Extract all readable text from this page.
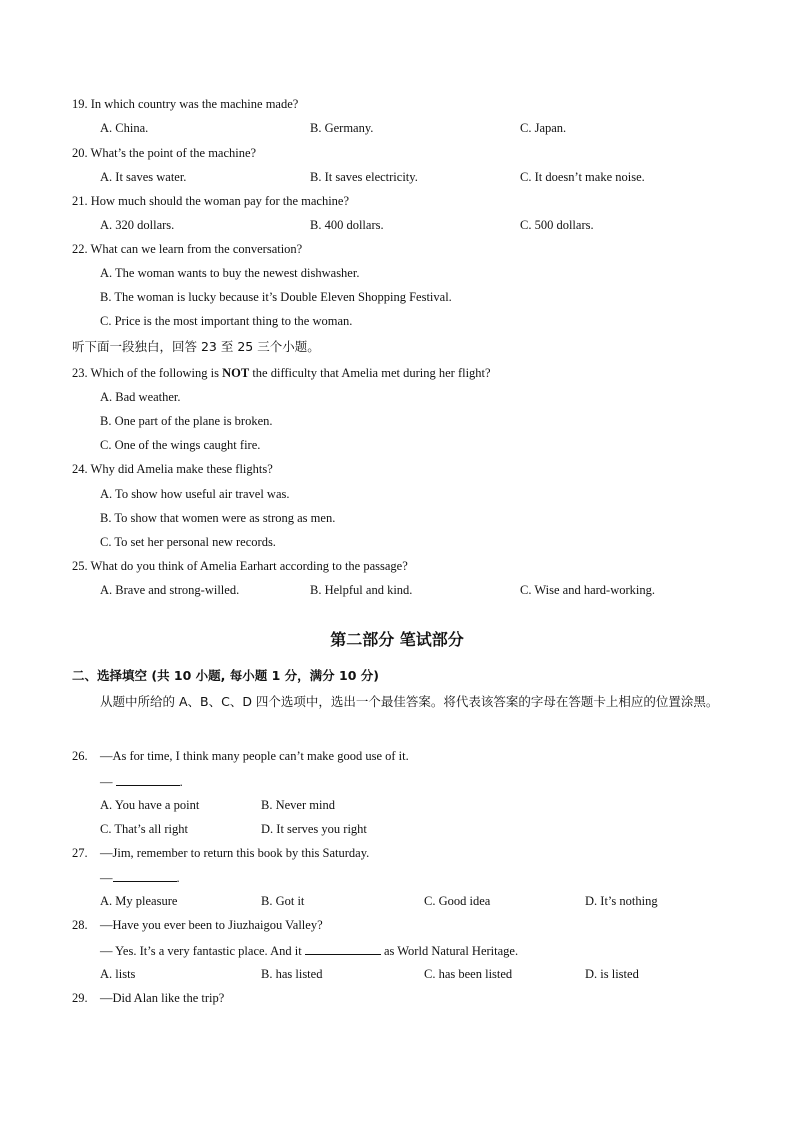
19. In which country was the machine made?
A. China.	B. Germany.	C. Japan.
20. What’s the point of the machine?
A. It saves water.	B. It saves electricity.	C. It doesn’t make noise.
21. How much should the woman pay for the machine?
A. 320 dollars.	B. 400 dollars.	C. 500 dollars.
22. What can we learn from the conversation?
A. The woman wants to buy the newest dishwasher.
B. The woman is lucky because it’s Double Eleven Shopping Festival.
C. Price is the most important thing to the woman.
听下面一段独白，回答 23 至 25 三个小题。
23. Which of the following is NOT the difficulty that Amelia met during her flight?
A. Bad weather.
B. One part of the plane is broken.
C. One of the wings caught fire.
24. Why did Amelia make these flights?
A. To show how useful air travel was.
B. To show that women were as strong as men.
C. To set her personal new records.
25. What do you think of Amelia Earhart according to the passage?
A. Brave and strong-willed.	B. Helpful and kind.	C. Wise and hard-working.
第二部分 笔试部分
二、选择填空 (共 10 小题, 每小题 1 分，满分 10 分)
从题中所给的 A、B、C、D 四个选项中，选出一个最佳答案。将代表该答案的字母在答题卡上相应的位置涂黑。
26. —As for time, I think many people can’t make good use of it.
—	.
A. You have a point	B. Never mind
C. That’s all right	D. It serves you right
27. —Jim, remember to return this book by this Saturday.
—	.
A. My pleasure	B. Got it	C. Good idea	D. It’s nothing
28. —Have you ever been to Jiuzhaigou Valley?
— Yes. It’s a very fantastic place. And it	as World Natural Heritage.
A. lists	B. has listed	C. has been listed	D. is listed
29. —Did Alan like the trip?
